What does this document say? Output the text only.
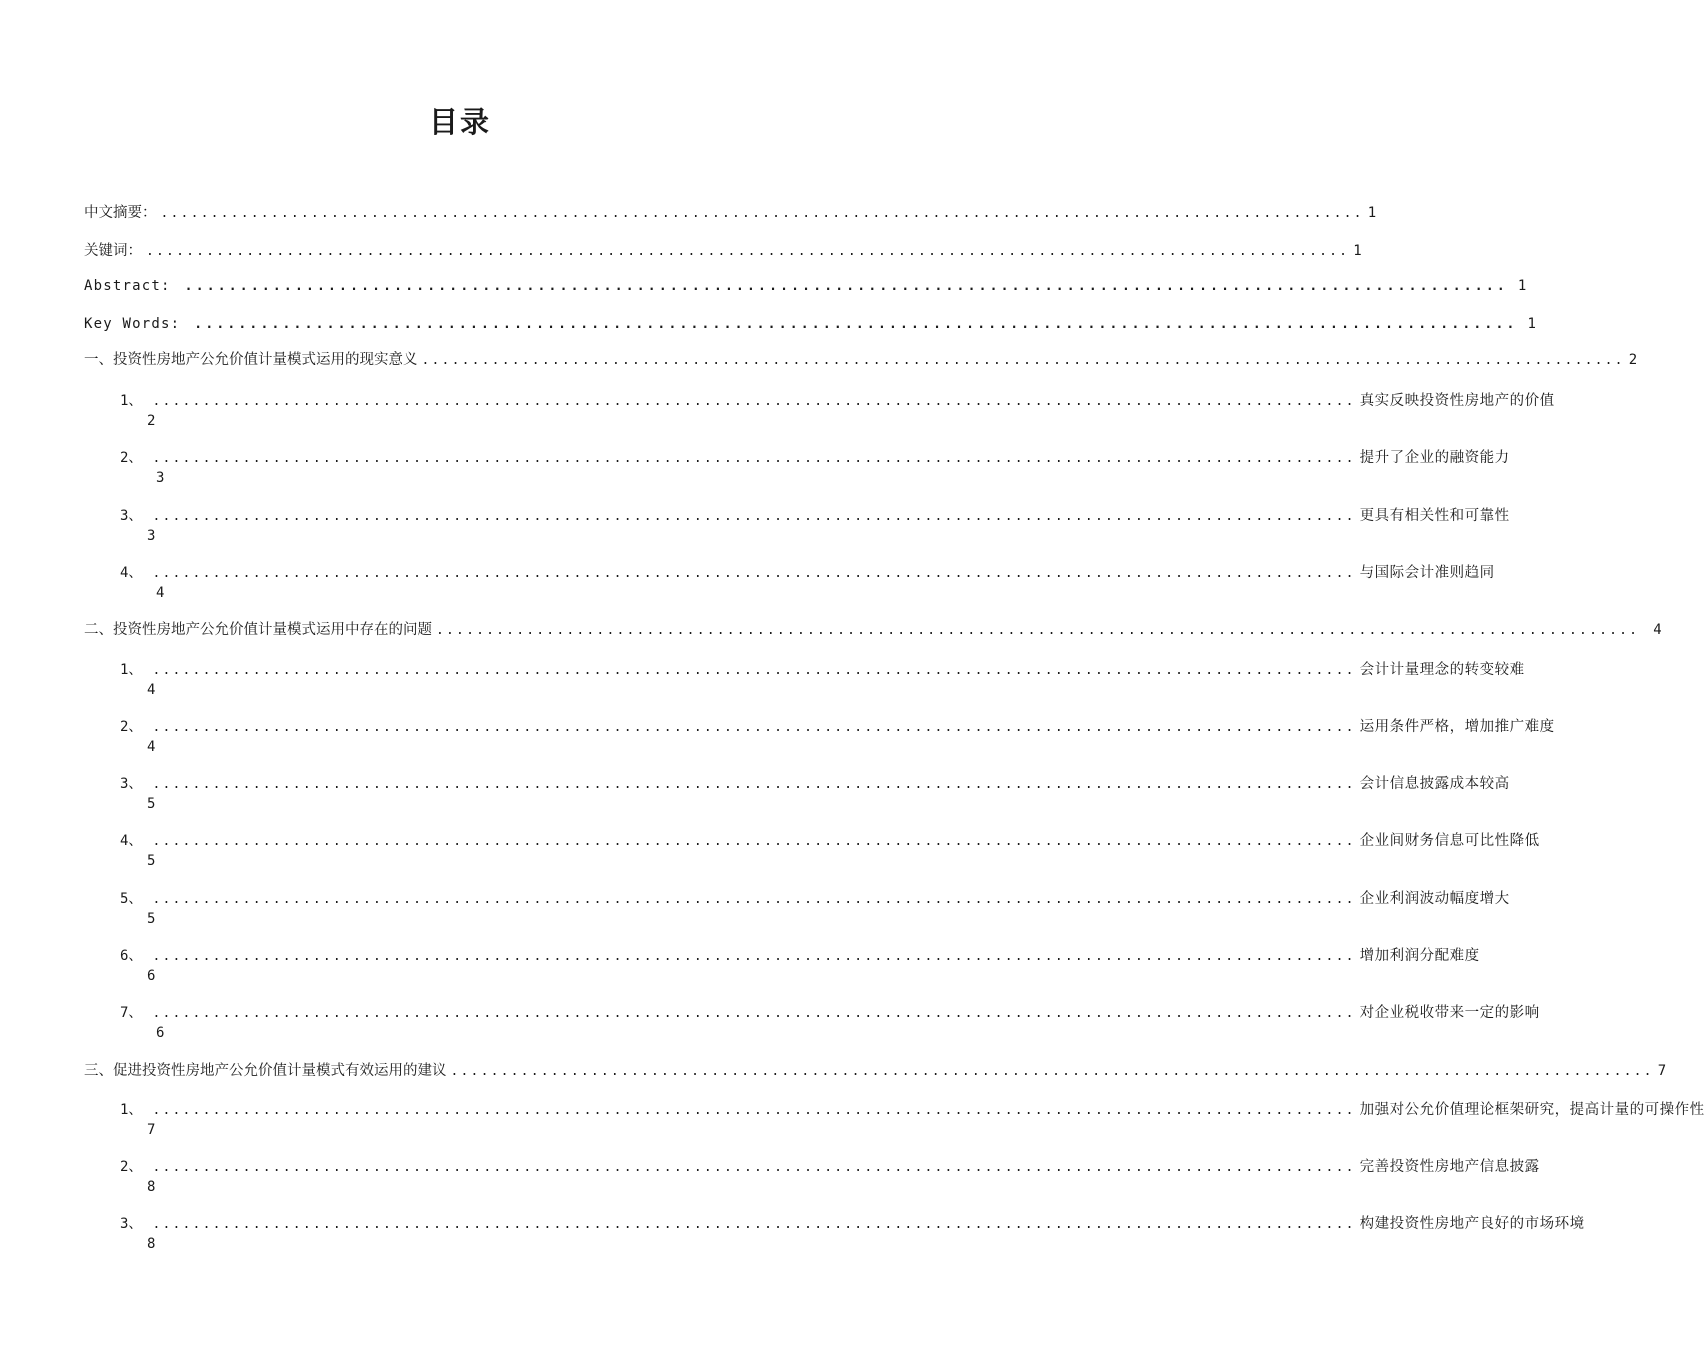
目录
中文摘要： ........................................................................................................................ 1
关键词： ........................................................................................................................ 1
Abstract: ........................................................................................................................ 1
Key Words: ........................................................................................................................ 1
一、投资性房地产公允价值计量模式运用的现实意义 ........................................................................................................................ 2
1、 ........................................................................................................................ 真实反映投资性房地产的价值
2
2、 ........................................................................................................................ 提升了企业的融资能力
3
3、 ........................................................................................................................ 更具有相关性和可靠性
3
4、 ........................................................................................................................ 与国际会计准则趋同
4
二、投资性房地产公允价值计量模式运用中存在的问题 ........................................................................................................................ 4
1、 ........................................................................................................................ 会计计量理念的转变较难
4
2、 ........................................................................................................................ 运用条件严格，增加推广难度
4
3、 ........................................................................................................................ 会计信息披露成本较高
5
4、 ........................................................................................................................ 企业间财务信息可比性降低
5
5、 ........................................................................................................................ 企业利润波动幅度增大
5
6、 ........................................................................................................................ 增加利润分配难度
6
7、 ........................................................................................................................ 对企业税收带来一定的影响
6
三、促进投资性房地产公允价值计量模式有效运用的建议 ........................................................................................................................ 7
1、 ........................................................................................................................ 加强对公允价值理论框架研究，提高计量的可操作性
7
2、 ........................................................................................................................ 完善投资性房地产信息披露
8
3、 ........................................................................................................................ 构建投资性房地产良好的市场环境
8
